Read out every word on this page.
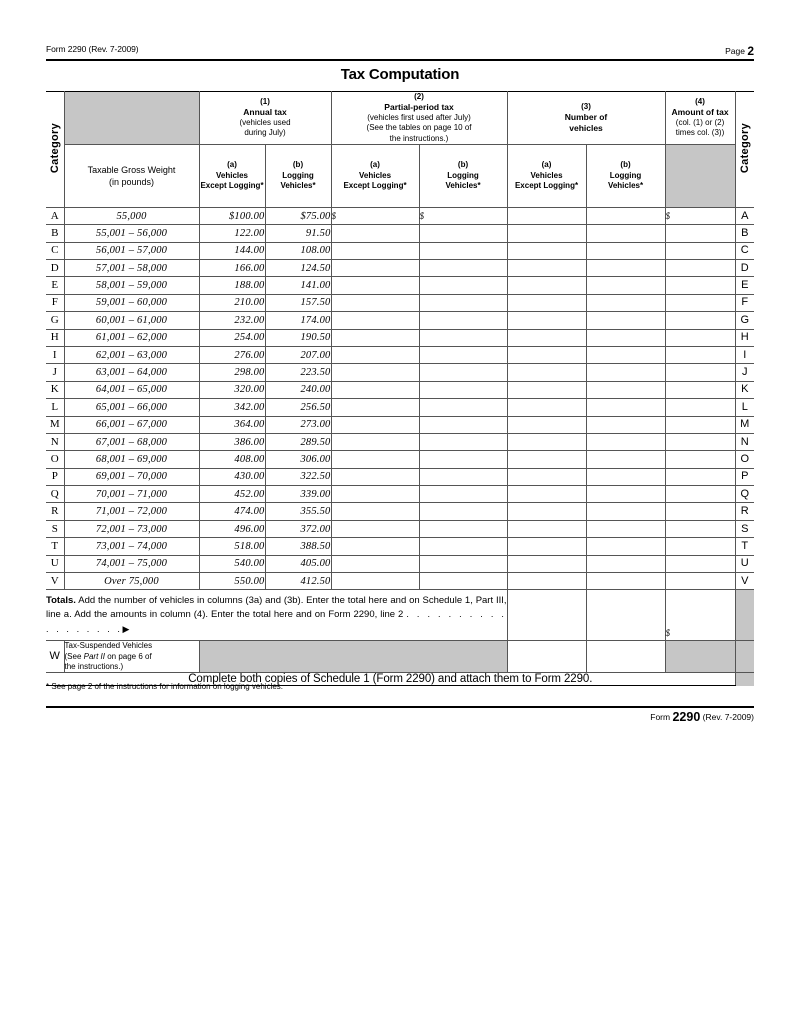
Form 2290 (Rev. 7-2009)	Page 2
Tax Computation
Category		(1)
Annual tax
(vehicles used
during July)		(2)
Partial-period tax
(vehicles first used after July)
(See the tables on page 10 of
the instructions.)		(3)
Number of
vehicles		(4)
Amount of tax
(col. (1) or (2)
times col. (3))	Category
	Taxable Gross Weight
(in pounds)	(a)
Vehicles
Except Logging*	(b)
Logging
Vehicles*	(a)
Vehicles
Except Logging*	(b)
Logging
Vehicles*	(a)
Vehicles
Except Logging*	(b)
Logging
Vehicles*		

A	55,000	$100.00	$75.00	$	$			$	A
B	55,001 – 56,000	122.00	91.50						B
C	56,001 – 57,000	144.00	108.00						C
D	57,001 – 58,000	166.00	124.50						D
E	58,001 – 59,000	188.00	141.00						E
F	59,001 – 60,000	210.00	157.50						F
G	60,001 – 61,000	232.00	174.00						G
H	61,001 – 62,000	254.00	190.50						H
I	62,001 – 63,000	276.00	207.00						I
J	63,001 – 64,000	298.00	223.50						J
K	64,001 – 65,000	320.00	240.00						K
L	65,001 – 66,000	342.00	256.50						L
M	66,001 – 67,000	364.00	273.00						M
N	67,001 – 68,000	386.00	289.50						N
O	68,001 – 69,000	408.00	306.00						O
P	69,001 – 70,000	430.00	322.50						P
Q	70,001 – 71,000	452.00	339.00						Q
R	71,001 – 72,000	474.00	355.50						R
S	72,001 – 73,000	496.00	372.00						S
T	73,001 – 74,000	518.00	388.50						T
U	74,001 – 75,000	540.00	405.00						U
V	Over 75,000	550.00	412.50						V
Totals. Add the number of vehicles in columns (3a) and (3b). Enter the total here and on Schedule 1, Part III, line a. Add the amounts in column (4). Enter the total here and on Form 2290, line 2 . . . . . . . . . . . . . . . . . .▶								$	
W	Tax-Suspended Vehicles
(See Part II on page 6 of
the instructions.)								
Complete both copies of Schedule 1 (Form 2290) and attach them to Form 2290.									
* See page 2 of the instructions for information on logging vehicles.
Form 2290 (Rev. 7-2009)
